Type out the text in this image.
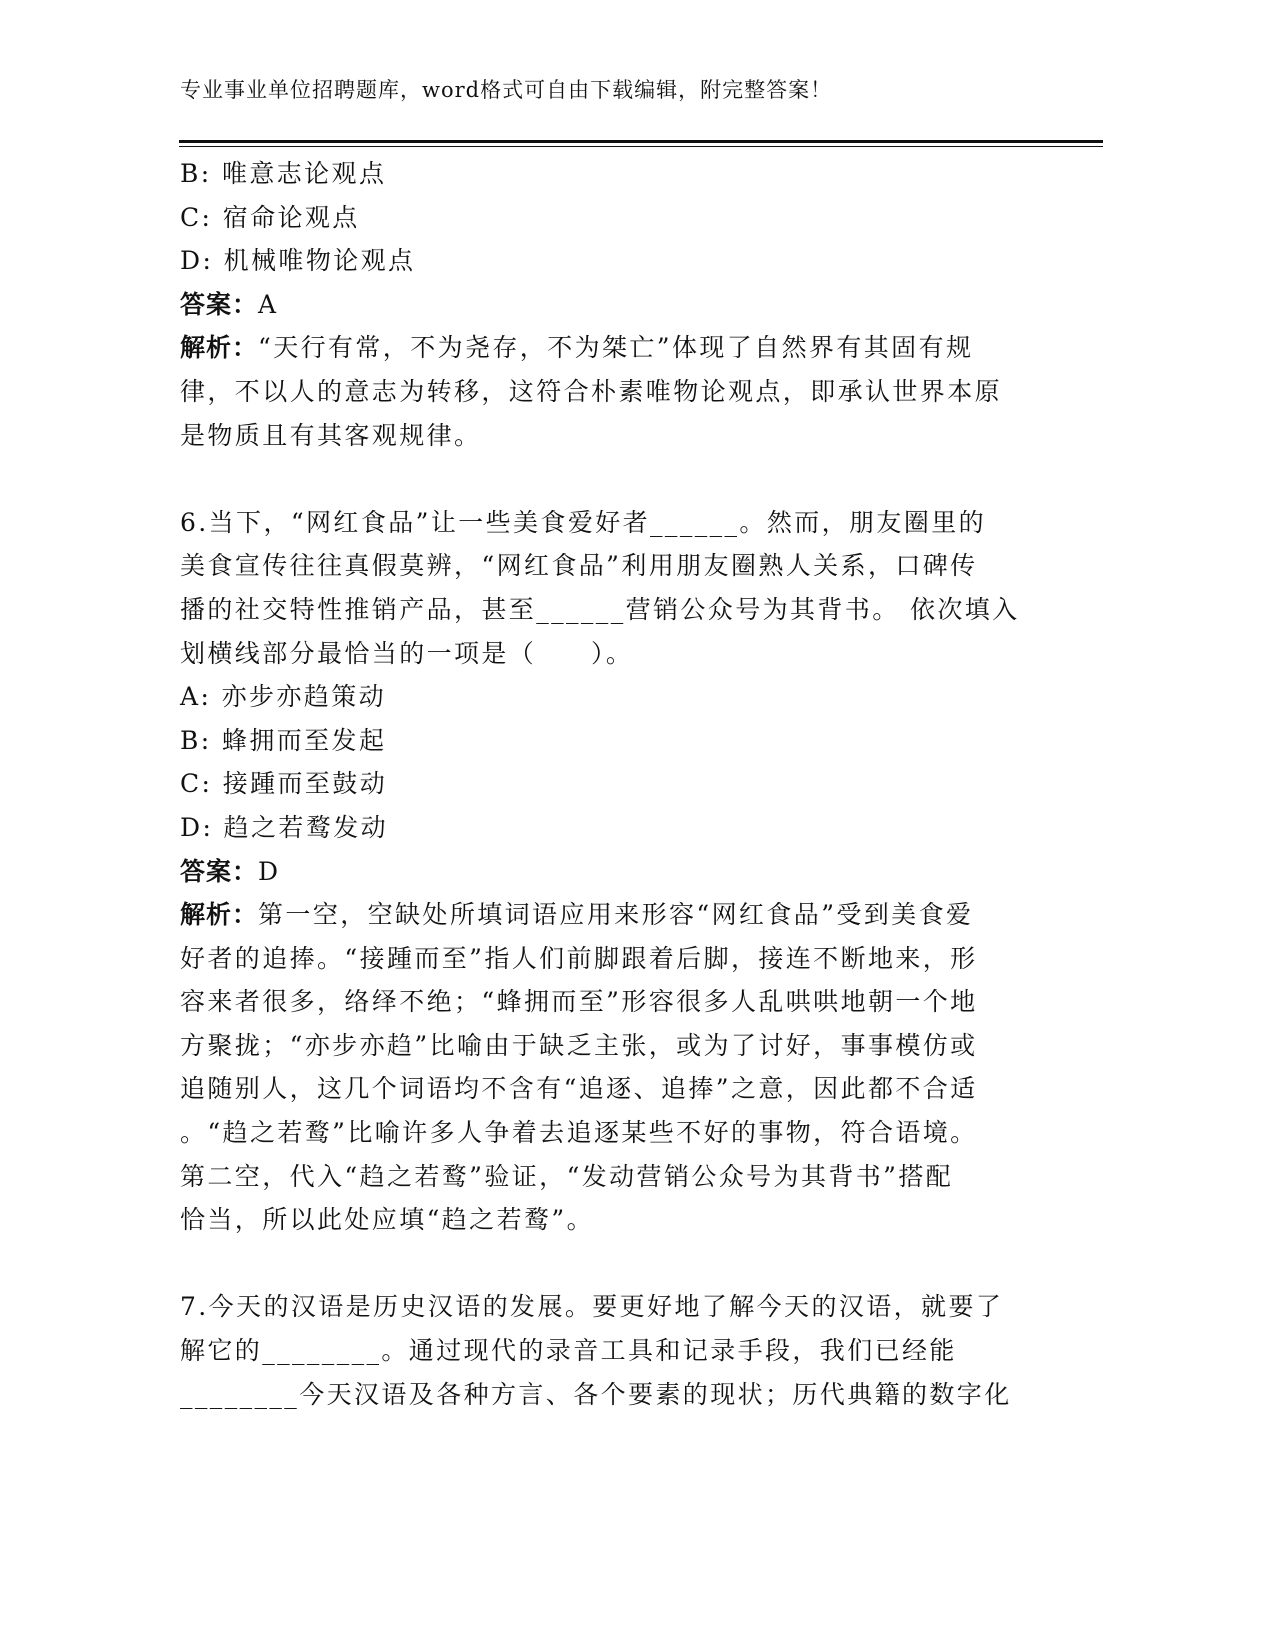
专业事业单位招聘题库，word格式可自由下载编辑，附完整答案！
B: 唯意志论观点
C: 宿命论观点
D: 机械唯物论观点
答案：A
解析：“天行有常，不为尧存，不为桀亡”体现了自然界有其固有规
律，不以人的意志为转移，这符合朴素唯物论观点，即承认世界本原
是物质且有其客观规律。
6.当下，“网红食品”让一些美食爱好者______。然而，朋友圈里的
美食宣传往往真假莫辨，“网红食品”利用朋友圈熟人关系，口碑传
播的社交特性推销产品，甚至______营销公众号为其背书。 依次填入
划横线部分最恰当的一项是（　　）。
A: 亦步亦趋策动
B: 蜂拥而至发起
C: 接踵而至鼓动
D: 趋之若鹜发动
答案：D
解析：第一空，空缺处所填词语应用来形容“网红食品”受到美食爱
好者的追捧。“接踵而至”指人们前脚跟着后脚，接连不断地来，形
容来者很多，络绎不绝；“蜂拥而至”形容很多人乱哄哄地朝一个地
方聚拢；“亦步亦趋”比喻由于缺乏主张，或为了讨好，事事模仿或
追随别人，这几个词语均不含有“追逐、追捧”之意，因此都不合适
。“趋之若鹜”比喻许多人争着去追逐某些不好的事物，符合语境。
第二空，代入“趋之若鹜”验证，“发动营销公众号为其背书”搭配
恰当，所以此处应填“趋之若鹜”。
7.今天的汉语是历史汉语的发展。要更好地了解今天的汉语，就要了
解它的________。通过现代的录音工具和记录手段，我们已经能
________今天汉语及各种方言、各个要素的现状；历代典籍的数字化
